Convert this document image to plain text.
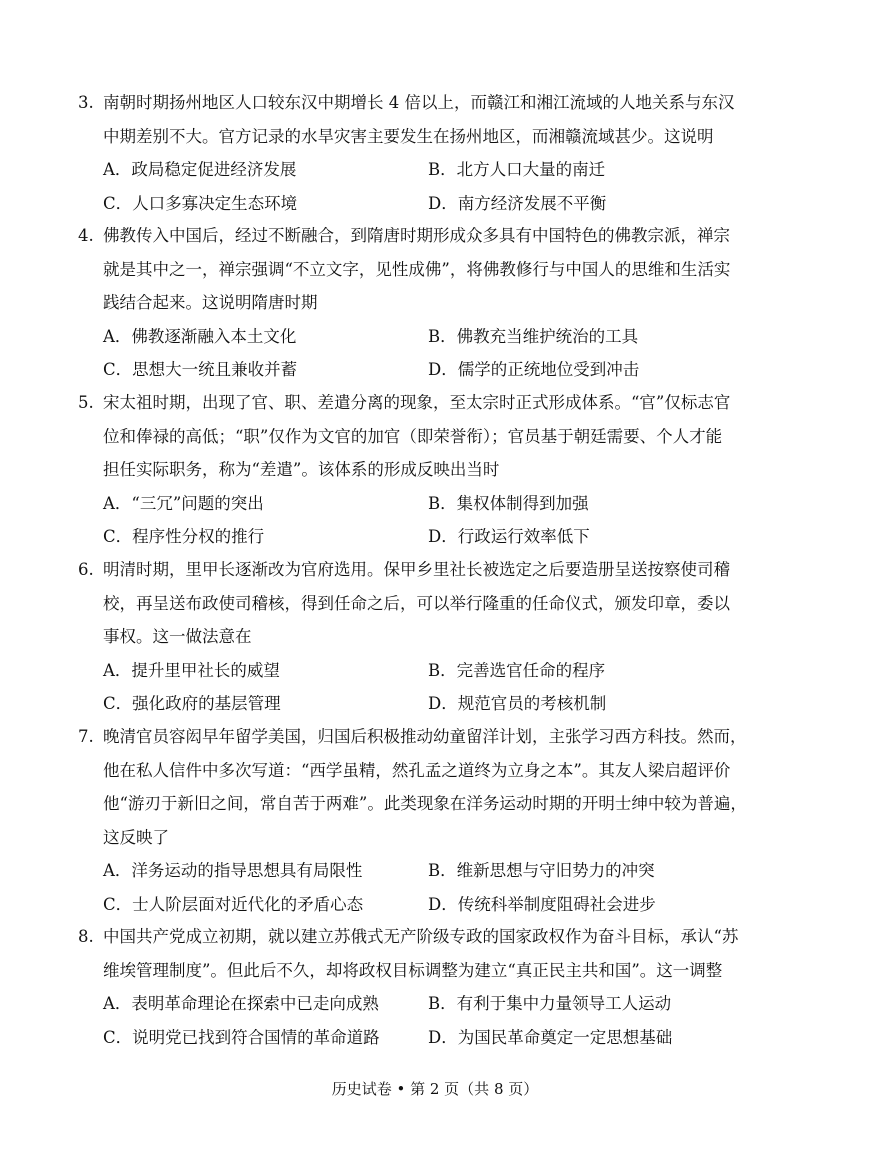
3. 南朝时期扬州地区人口较东汉中期增长 4 倍以上，而赣江和湘江流域的人地关系与东汉

中期差别不大。官方记录的水旱灾害主要发生在扬州地区，而湘赣流域甚少。这说明

A．政局稳定促进经济发展	B．北方人口大量的南迁
C．人口多寡决定生态环境	D．南方经济发展不平衡

4. 佛教传入中国后，经过不断融合，到隋唐时期形成众多具有中国特色的佛教宗派，禅宗

就是其中之一，禅宗强调“不立文字，见性成佛”，将佛教修行与中国人的思维和生活实

践结合起来。这说明隋唐时期

A．佛教逐渐融入本土文化	B．佛教充当维护统治的工具
C．思想大一统且兼收并蓄	D．儒学的正统地位受到冲击

5. 宋太祖时期，出现了官、职、差遣分离的现象，至太宗时正式形成体系。“官”仅标志官

位和俸禄的高低；“职”仅作为文官的加官（即荣誉衔）；官员基于朝廷需要、个人才能

担任实际职务，称为“差遣”。该体系的形成反映出当时

A．“三冗”问题的突出	B．集权体制得到加强
C．程序性分权的推行	D．行政运行效率低下

6. 明清时期，里甲长逐渐改为官府选用。保甲乡里社长被选定之后要造册呈送按察使司稽

校，再呈送布政使司稽核，得到任命之后，可以举行隆重的任命仪式，颁发印章，委以

事权。这一做法意在

A．提升里甲社长的威望	B．完善选官任命的程序
C．强化政府的基层管理	D．规范官员的考核机制

7. 晚清官员容闳早年留学美国，归国后积极推动幼童留洋计划，主张学习西方科技。然而，

他在私人信件中多次写道：“西学虽精，然孔孟之道终为立身之本”。其友人梁启超评价

他“游刃于新旧之间，常自苦于两难”。此类现象在洋务运动时期的开明士绅中较为普遍，

这反映了

A．洋务运动的指导思想具有局限性	B．维新思想与守旧势力的冲突
C．士人阶层面对近代化的矛盾心态	D．传统科举制度阻碍社会进步

8. 中国共产党成立初期，就以建立苏俄式无产阶级专政的国家政权作为奋斗目标，承认“苏

维埃管理制度”。但此后不久，却将政权目标调整为建立“真正民主共和国”。这一调整

A．表明革命理论在探索中已走向成熟	B．有利于集中力量领导工人运动
C．说明党已找到符合国情的革命道路	D．为国民革命奠定一定思想基础
历史试卷 • 第 2 页（共 8 页）
